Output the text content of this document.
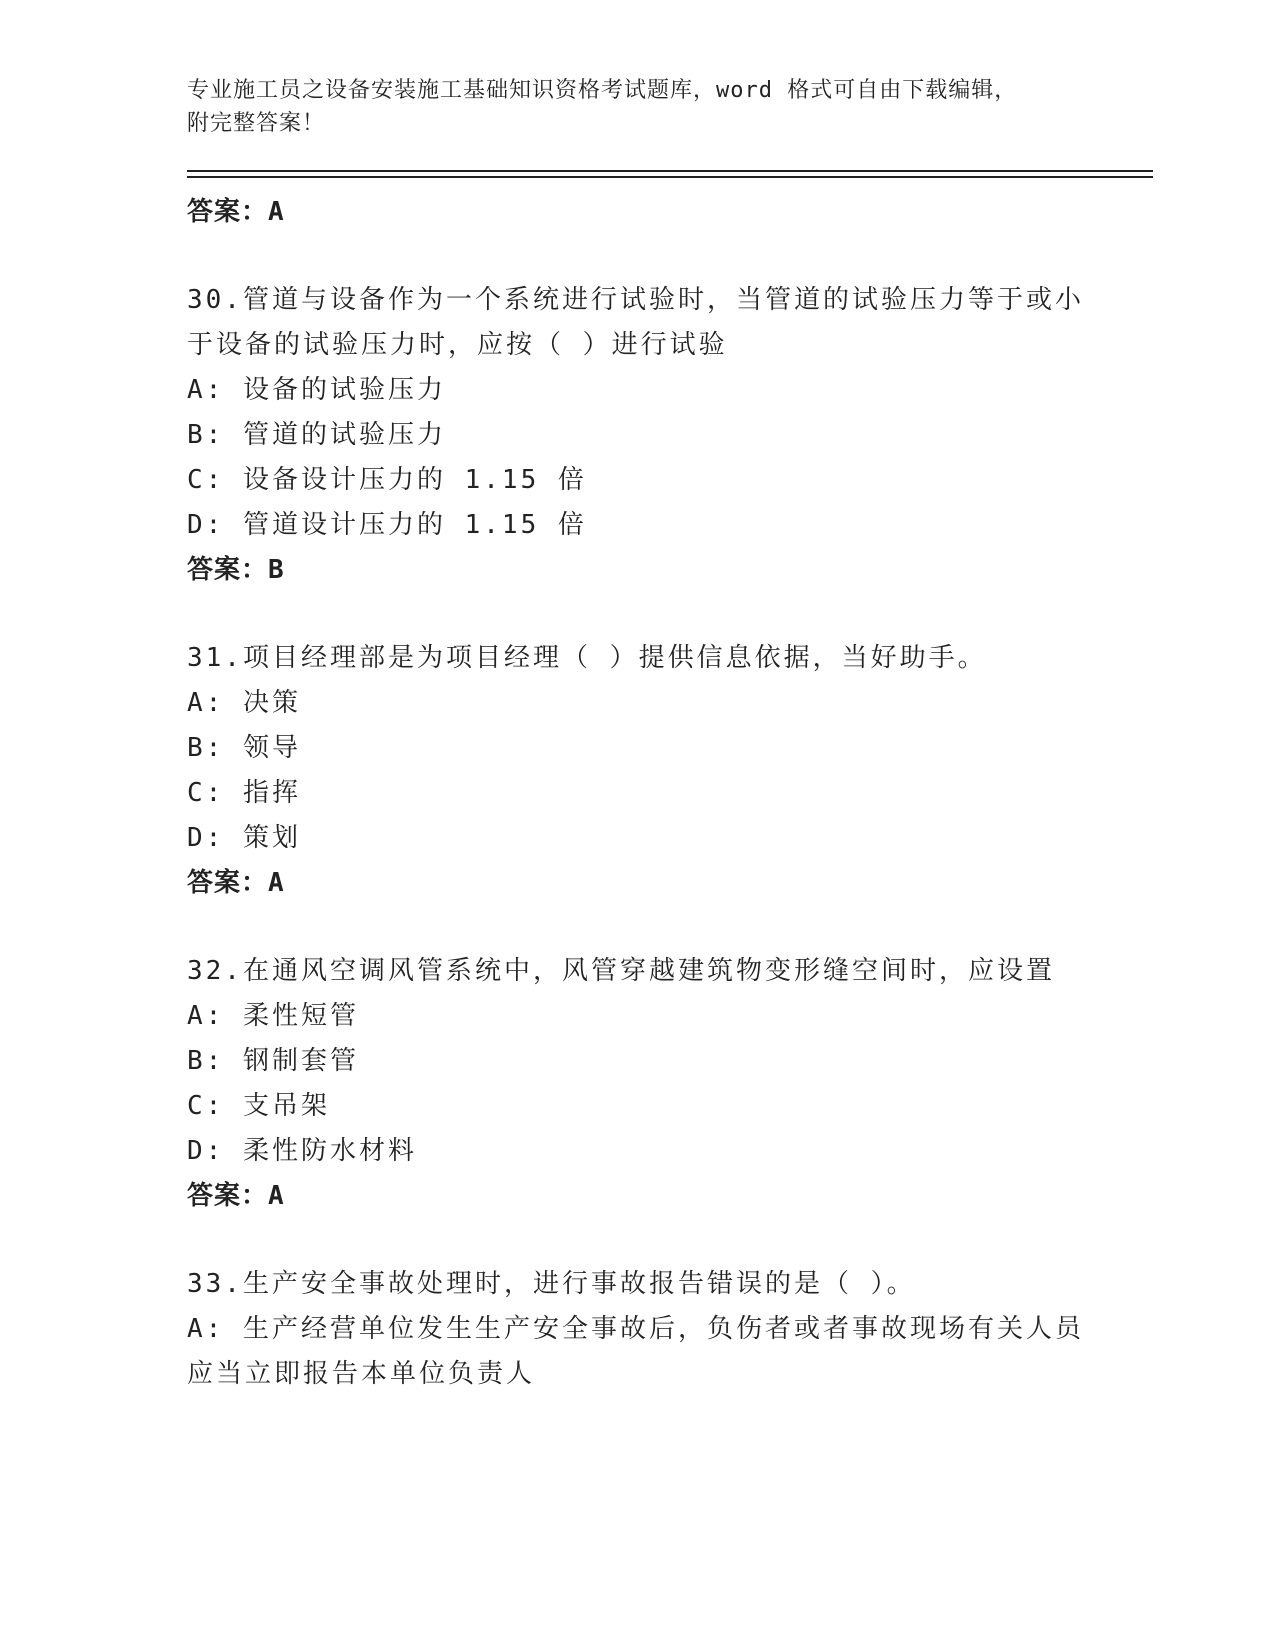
专业施工员之设备安装施工基础知识资格考试题库，word 格式可自由下载编辑，
附完整答案！
答案：A
30.管道与设备作为一个系统进行试验时，当管道的试验压力等于或小于设备的试验压力时，应按（ ）进行试验
A: 设备的试验压力
B: 管道的试验压力
C: 设备设计压力的 1.15 倍
D: 管道设计压力的 1.15 倍
答案：B
31.项目经理部是为项目经理（ ）提供信息依据，当好助手。
A: 决策
B: 领导
C: 指挥
D: 策划
答案：A
32.在通风空调风管系统中，风管穿越建筑物变形缝空间时，应设置
A: 柔性短管
B: 钢制套管
C: 支吊架
D: 柔性防水材料
答案：A
33.生产安全事故处理时，进行事故报告错误的是（ ）。
A: 生产经营单位发生生产安全事故后，负伤者或者事故现场有关人员应当立即报告本单位负责人
